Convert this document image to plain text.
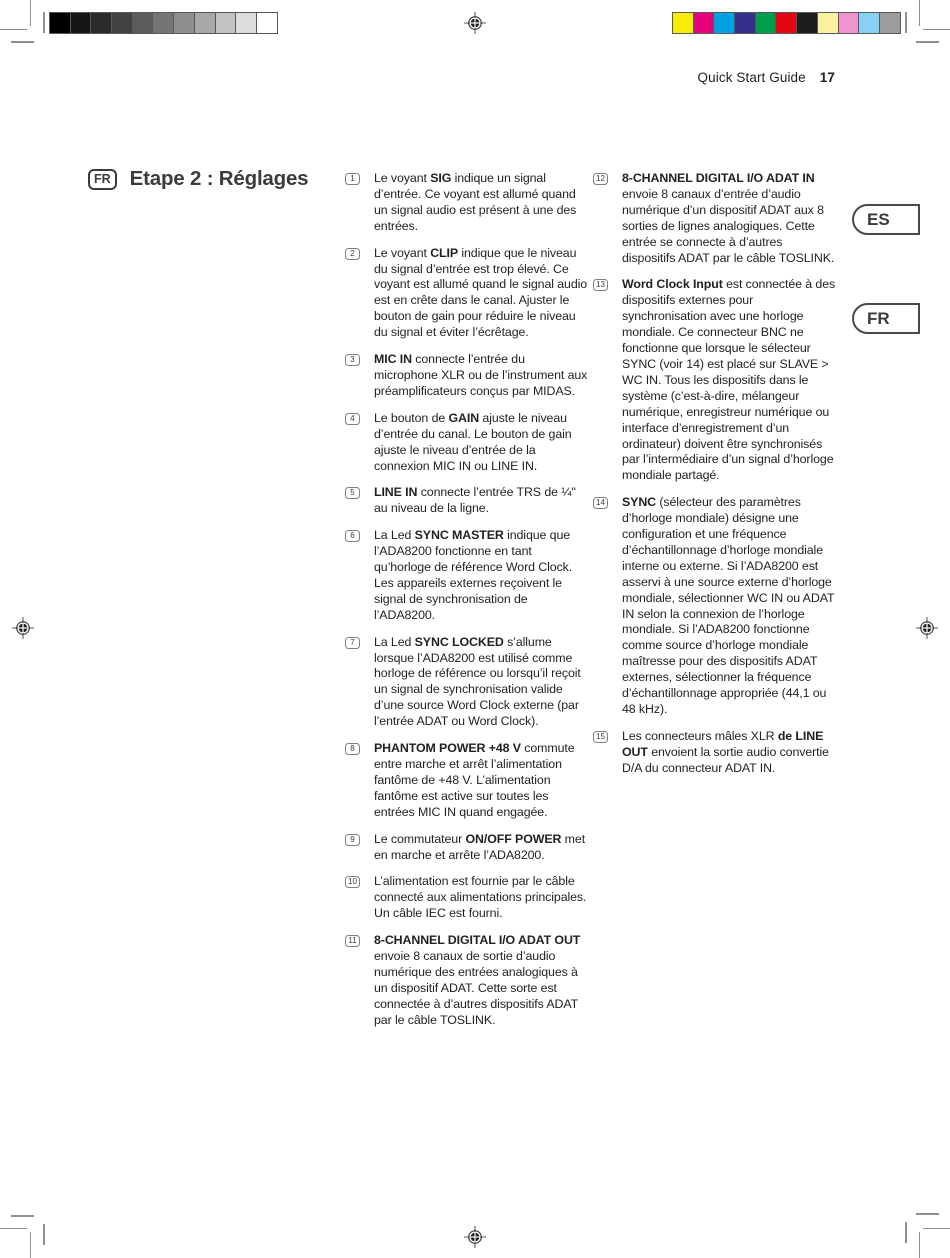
Quick Start Guide 17
FR Etape 2 : Réglages	1	Le voyant SIG indique un signal d’entrée. Ce voyant est allumé quand un signal audio est présent à une des entrées.
2	Le voyant CLIP indique que le niveau du signal d’entrée est trop élevé. Ce voyant est allumé quand le signal audio est en crête dans le canal. Ajuster le bouton de gain pour réduire le niveau du signal et éviter l’écrêtage.
3	MIC IN connecte l’entrée du microphone XLR ou de l’instrument aux préamplificateurs conçus par MIDAS.
4	Le bouton de GAIN ajuste le niveau d’entrée du canal. Le bouton de gain ajuste le niveau d’entrée de la connexion MIC IN ou LINE IN.
5	LINE IN connecte l’entrée TRS de ¼" au niveau de la ligne.
6	La Led SYNC MASTER indique que l’ADA8200 fonctionne en tant qu’horloge de référence Word Clock. Les appareils externes reçoivent le signal de synchronisation de l’ADA8200.
7	La Led SYNC LOCKED s’allume lorsque l’ADA8200 est utilisé comme horloge de référence ou lorsqu’il reçoit un signal de synchronisation valide d’une source Word Clock externe (par l’entrée ADAT ou Word Clock).
8	PHANTOM POWER +48 V commute entre marche et arrêt l’alimentation fantôme de +48 V. L’alimentation fantôme est active sur toutes les entrées MIC IN quand engagée.
9	Le commutateur ON/OFF POWER met en marche et arrête l’ADA8200.
10 L’alimentation est fournie par le câble connecté aux alimentations principales. Un câble IEC est fourni.
11 8-CHANNEL DIGITAL I/O ADAT OUT envoie 8 canaux de sortie d’audio numérique des entrées analogiques à un dispositif ADAT. Cette sorte est connectée à d’autres dispositifs ADAT par le câble TOSLINK.
12 8-CHANNEL DIGITAL I/O ADAT IN envoie 8 canaux d’entrée d’audio numérique d’un dispositif ADAT aux 8 sorties de lignes analogiques. Cette entrée se connecte à d’autres dispositifs ADAT par le câble TOSLINK.
13 Word Clock Input est connectée à des dispositifs externes pour synchronisation avec une horloge mondiale. Ce connecteur BNC ne fonctionne que lorsque le sélecteur SYNC (voir 14) est placé sur SLAVE > WC IN. Tous les dispositifs dans le système (c’est-à-dire, mélangeur numérique, enregistreur numérique ou interface d’enregistrement d’un ordinateur) doivent être synchronisés par l’intermédiaire d’un signal d’horloge mondiale partagé.
14 SYNC (sélecteur des paramètres d’horloge mondiale) désigne une configuration et une fréquence d’échantillonnage d’horloge mondiale interne ou externe. Si l’ADA8200 est asservi à une source externe d’horloge mondiale, sélectionner WC IN ou ADAT IN selon la connexion de l’horloge mondiale. Si l’ADA8200 fonctionne comme source d’horloge mondiale maîtresse pour des dispositifs ADAT externes, sélectionner la fréquence d’échantillonnage appropriée (44,1 ou 48 kHz).
15 Les connecteurs mâles XLR de LINE OUT envoient la sortie audio convertie D/A du connecteur ADAT IN.
ES
FR
